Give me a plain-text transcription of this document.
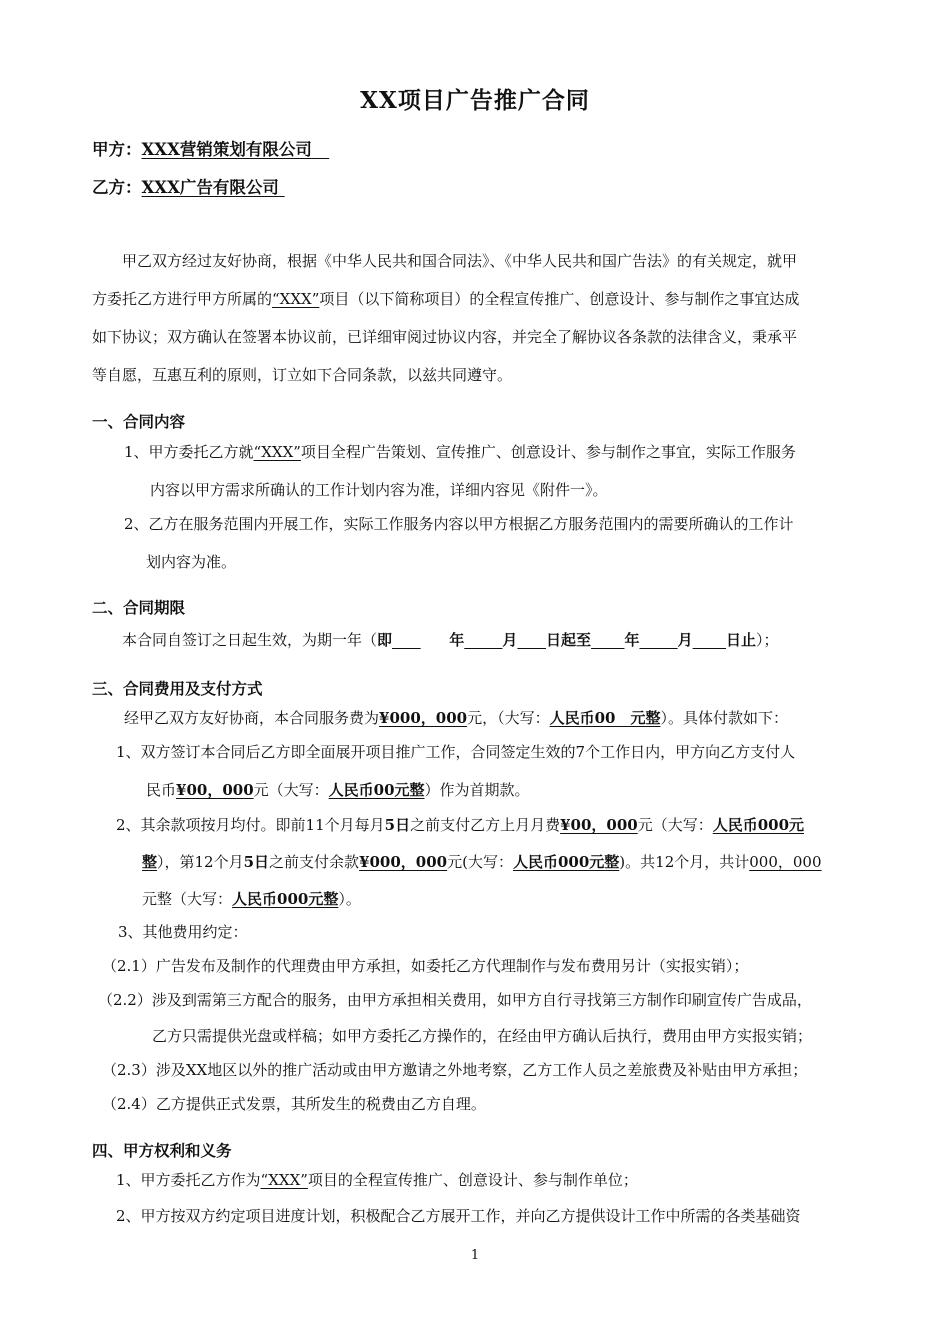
XX项目广告推广合同
甲方：XXX营销策划有限公司
乙方：XXX广告有限公司
甲乙双方经过友好协商，根据《中华人民共和国合同法》、《中华人民共和国广告法》的有关规定，就甲
方委托乙方进行甲方所属的“XXX”项目（以下简称项目）的全程宣传推广、创意设计、参与制作之事宜达成
如下协议；双方确认在签署本协议前，已详细审阅过协议内容，并完全了解协议各条款的法律含义，秉承平
等自愿，互惠互利的原则，订立如下合同条款，以兹共同遵守。
一、合同内容
1、甲方委托乙方就“XXX”项目全程广告策划、宣传推广、创意设计、参与制作之事宜，实际工作服务
内容以甲方需求所确认的工作计划内容为准，详细内容见《附件一》。
2、乙方在服务范围内开展工作，实际工作服务内容以甲方根据乙方服务范围内的需要所确认的工作计
划内容为准。
二、合同期限
本合同自签订之日起生效，为期一年（即	年	月 日起至 年	月 日止）；
三、合同费用及支付方式
经甲乙双方友好协商，本合同服务费为¥000，000元，（大写：人民币00　元整）。具体付款如下：
1、双方签订本合同后乙方即全面展开项目推广工作，合同签定生效的7个工作日内，甲方向乙方支付人
民币¥00，000元（大写：人民币00元整）作为首期款。
2、其余款项按月均付。即前11个月每月5日之前支付乙方上月月费¥00，000元（大写：人民币000元
整），第12个月5日之前支付余款¥000，000元(大写：人民币000元整)。共12个月，共计000，000
元整（大写：人民币000元整）。
3、其他费用约定：
（2.1）广告发布及制作的代理费由甲方承担，如委托乙方代理制作与发布费用另计（实报实销）；
（2.2）涉及到需第三方配合的服务，由甲方承担相关费用，如甲方自行寻找第三方制作印刷宣传广告成品，
乙方只需提供光盘或样稿；如甲方委托乙方操作的，在经由甲方确认后执行，费用由甲方实报实销；
（2.3）涉及XX地区以外的推广活动或由甲方邀请之外地考察，乙方工作人员之差旅费及补贴由甲方承担；
（2.4）乙方提供正式发票，其所发生的税费由乙方自理。
四、甲方权利和义务
1、甲方委托乙方作为“XXX”项目的全程宣传推广、创意设计、参与制作单位；
2、甲方按双方约定项目进度计划，积极配合乙方展开工作，并向乙方提供设计工作中所需的各类基础资
1
